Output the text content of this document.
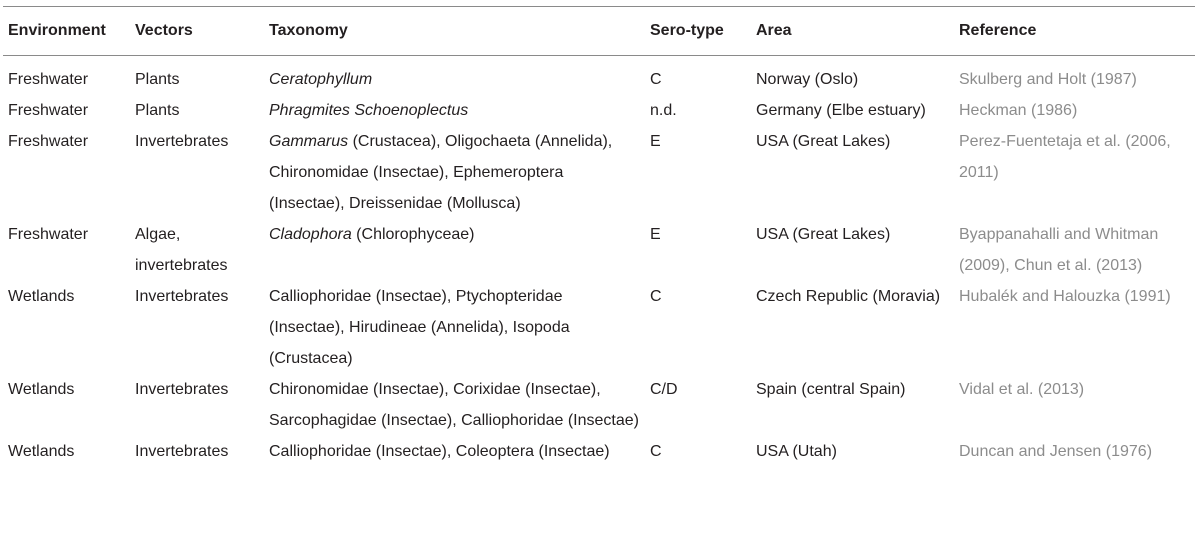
Environment	Vectors	Taxonomy	Sero-type	Area	Reference
Freshwater	Plants	Ceratophyllum	C	Norway (Oslo)	Skulberg and Holt (1987)
Freshwater	Plants	Phragmites Schoenoplectus	n.d.	Germany (Elbe estuary)	Heckman (1986)
Freshwater	Invertebrates	Gammarus (Crustacea), Oligochaeta (Annelida), Chironomidae (Insectae), Ephemeroptera (Insectae), Dreissenidae (Mollusca)	E	USA (Great Lakes)	Perez-Fuentetaja et al. (2006, 2011)
Freshwater	Algae, invertebrates	Cladophora (Chlorophyceae)	E	USA (Great Lakes)	Byappanahalli and Whitman (2009), Chun et al. (2013)
Wetlands	Invertebrates	Calliophoridae (Insectae), Ptychopteridae (Insectae), Hirudineae (Annelida), Isopoda (Crustacea)	C	Czech Republic (Moravia)	Hubalék and Halouzka (1991)
Wetlands	Invertebrates	Chironomidae (Insectae), Corixidae (Insectae), Sarcophagidae (Insectae), Calliophoridae (Insectae)	C/D	Spain (central Spain)	Vidal et al. (2013)
Wetlands	Invertebrates	Calliophoridae (Insectae), Coleoptera (Insectae)	C	USA (Utah)	Duncan and Jensen (1976)
